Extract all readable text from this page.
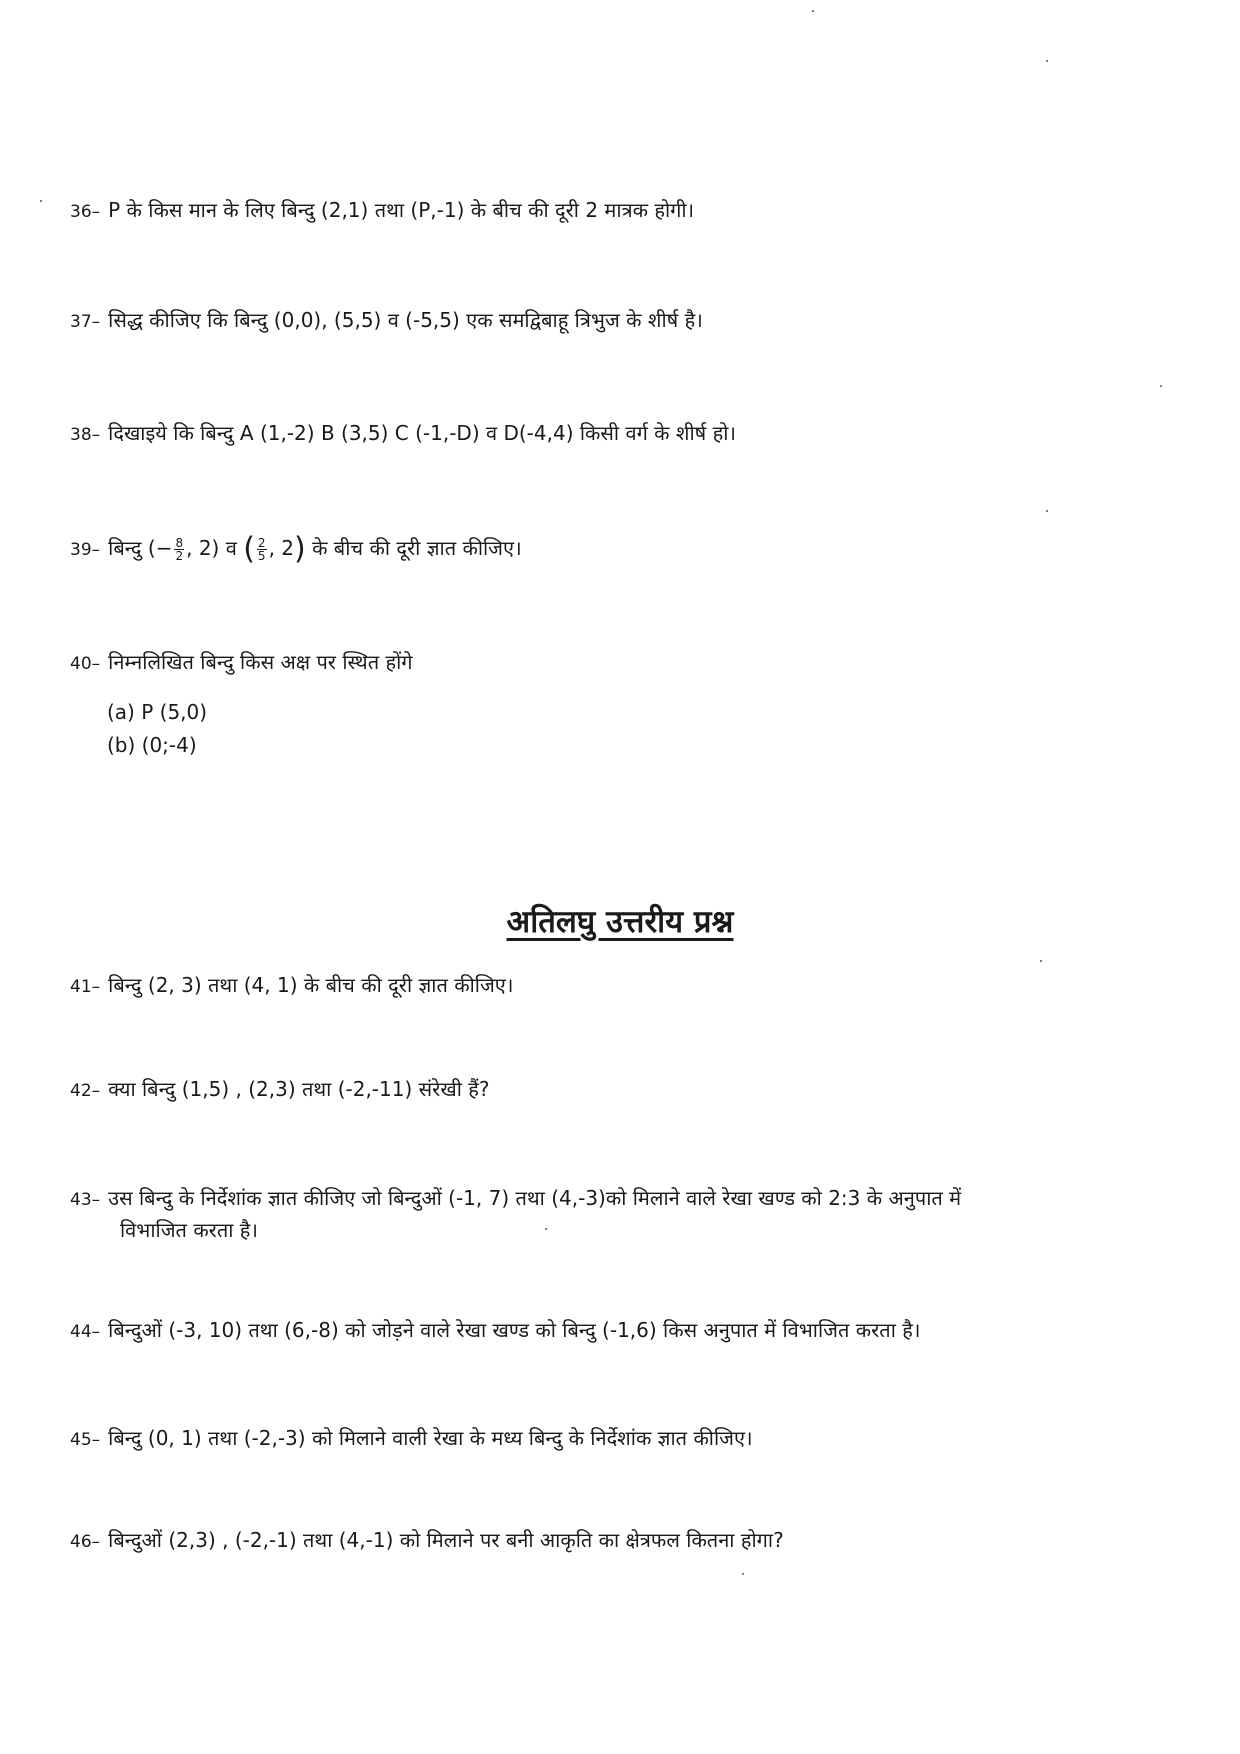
36– P के किस मान के लिए बिन्दु (2,1) तथा (P,-1) के बीच की दूरी 2 मात्रक होगी।
37– सिद्ध कीजिए कि बिन्दु (0,0), (5,5) व (-5,5) एक समद्विबाहू त्रिभुज के शीर्ष है।
38– दिखाइये कि बिन्दु A (1,-2) B (3,5) C (-1,-D) व D(-4,4) किसी वर्ग के शीर्ष हो।
39– बिन्दु (− $\frac{8}{2}$ , 2) व ( $\frac{2}{5}$ , 2) के बीच की दूरी ज्ञात कीजिए।
40– निम्नलिखित बिन्दु किस अक्ष पर स्थित होंगे
(a) P (5,0)
(b) (0;-4)
अतिलघु उत्तरीय प्रश्न
41– बिन्दु (2, 3) तथा (4, 1) के बीच की दूरी ज्ञात कीजिए।
42– क्या बिन्दु (1,5) , (2,3) तथा (-2,-11) संरेखी हैं?
43– उस बिन्दु के निर्देशांक ज्ञात कीजिए जो बिन्दुओं (-1, 7) तथा (4,-3)को मिलाने वाले रेखा खण्ड को 2:3 के अनुपात में
विभाजित करता है।
44– बिन्दुओं (-3, 10) तथा (6,-8) को जोड़ने वाले रेखा खण्ड को बिन्दु (-1,6) किस अनुपात में विभाजित करता है।
45– बिन्दु (0, 1) तथा (-2,-3) को मिलाने वाली रेखा के मध्य बिन्दु के निर्देशांक ज्ञात कीजिए।
46– बिन्दुओं (2,3) , (-2,-1) तथा (4,-1) को मिलाने पर बनी आकृति का क्षेत्रफल कितना होगा?
